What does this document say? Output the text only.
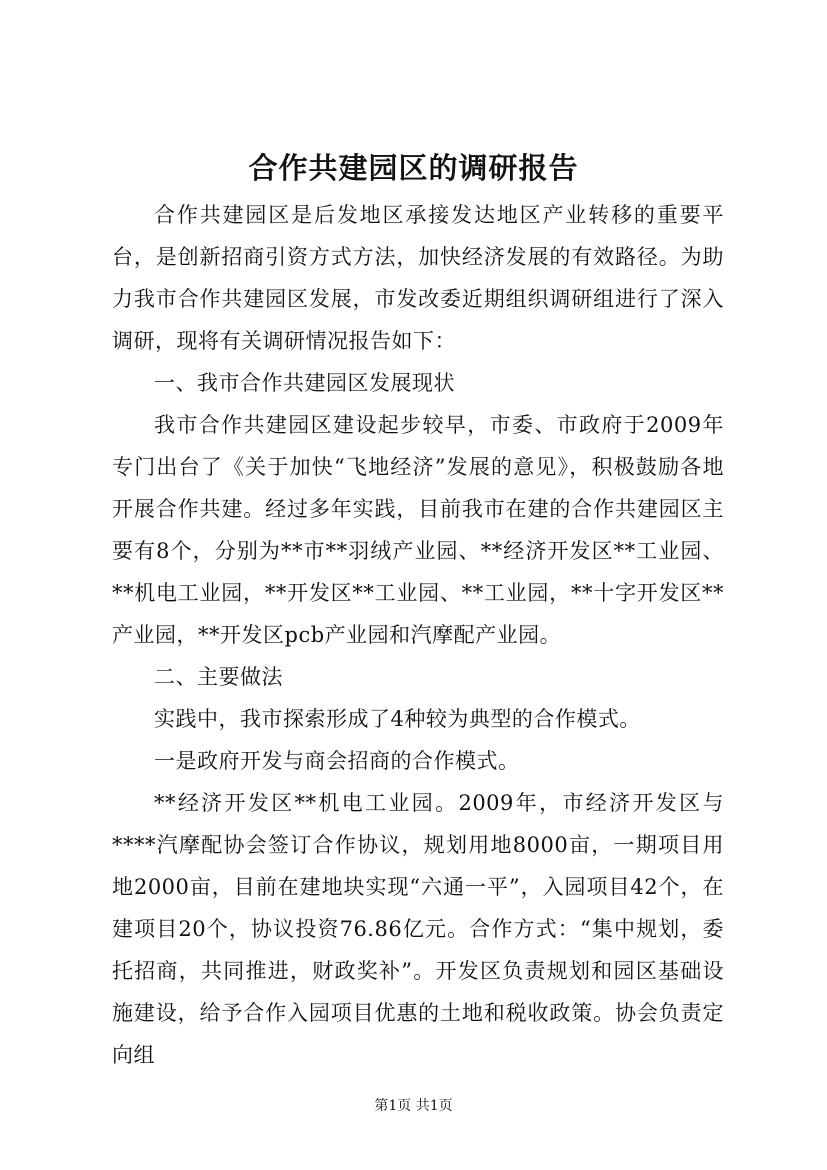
合作共建园区的调研报告

合作共建园区是后发地区承接发达地区产业转移的重要平台，是创新招商引资方式方法，加快经济发展的有效路径。为助力我市合作共建园区发展，市发改委近期组织调研组进行了深入调研，现将有关调研情况报告如下：

一、我市合作共建园区发展现状

我市合作共建园区建设起步较早，市委、市政府于2009年专门出台了《关于加快“飞地经济”发展的意见》，积极鼓励各地开展合作共建。经过多年实践，目前我市在建的合作共建园区主要有8个，分别为**市**羽绒产业园、**经济开发区**工业园、**机电工业园，**开发区**工业园、**工业园，**十字开发区**产业园，**开发区pcb产业园和汽摩配产业园。

二、主要做法

实践中，我市探索形成了4种较为典型的合作模式。

一是政府开发与商会招商的合作模式。

**经济开发区**机电工业园。2009年，市经济开发区与****汽摩配协会签订合作协议，规划用地8000亩，一期项目用地2000亩，目前在建地块实现“六通一平”，入园项目42个，在建项目20个，协议投资76.86亿元。合作方式：“集中规划，委托招商，共同推进，财政奖补”。开发区负责规划和园区基础设施建设，给予合作入园项目优惠的土地和税收政策。协会负责定向组

第1页 共1页
